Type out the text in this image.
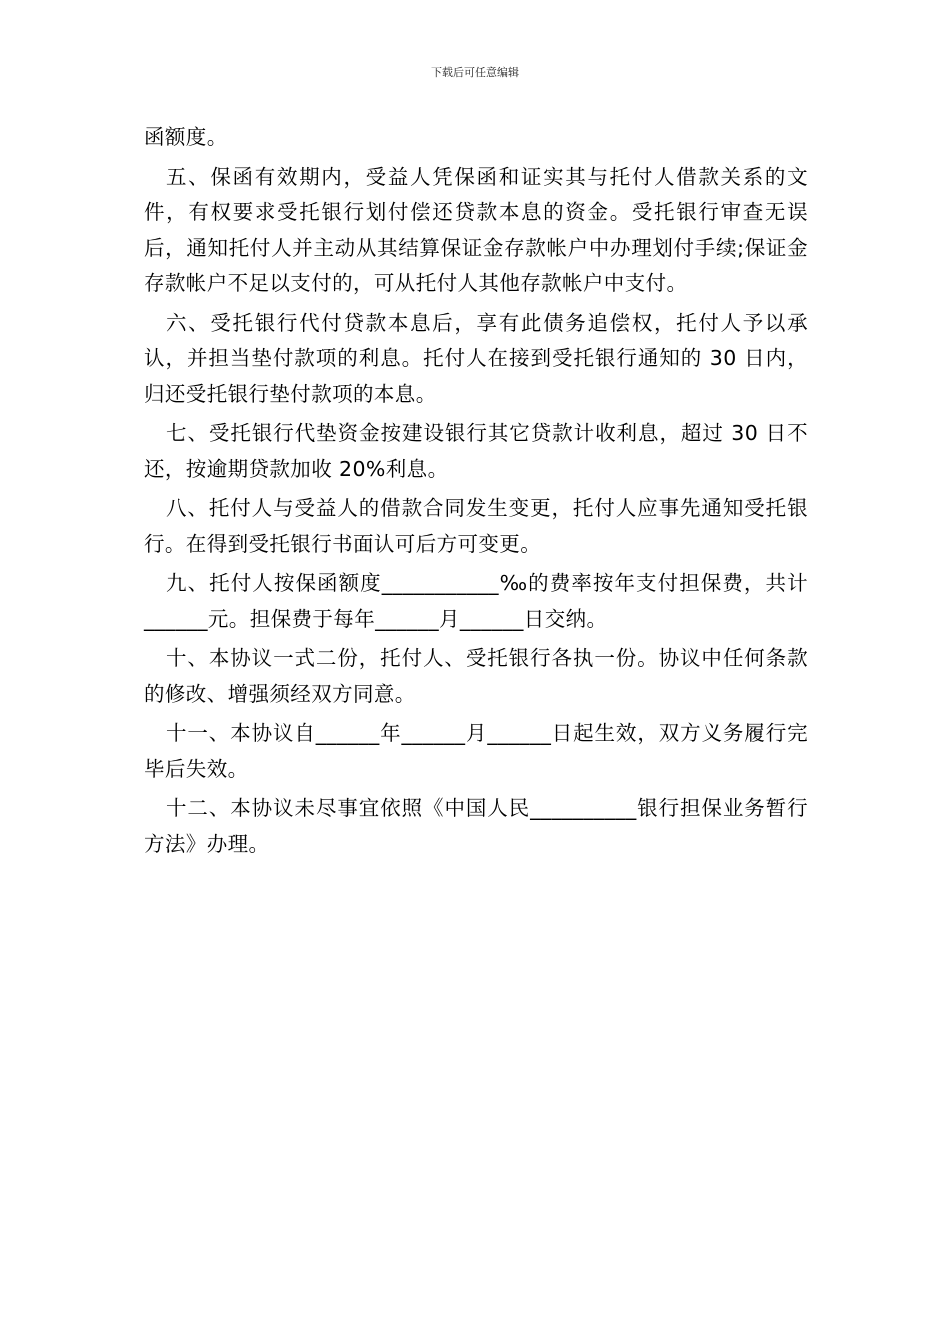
下载后可任意编辑

函额度。

五、保函有效期内，受益人凭保函和证实其与托付人借款关系的文件，有权要求受托银行划付偿还贷款本息的资金。受托银行审查无误后，通知托付人并主动从其结算保证金存款帐户中办理划付手续;保证金存款帐户不足以支付的，可从托付人其他存款帐户中支付。

六、受托银行代付贷款本息后，享有此债务追偿权，托付人予以承认，并担当垫付款项的利息。托付人在接到受托银行通知的 30 日内，归还受托银行垫付款项的本息。

七、受托银行代垫资金按建设银行其它贷款计收利息，超过 30 日不还，按逾期贷款加收 20%利息。

八、托付人与受益人的借款合同发生变更，托付人应事先通知受托银行。在得到受托银行书面认可后方可变更。

九、托付人按保函额度___________‰的费率按年支付担保费，共计______元。担保费于每年______月______日交纳。

十、本协议一式二份，托付人、受托银行各执一份。协议中任何条款的修改、增强须经双方同意。

十一、本协议自______年______月______日起生效，双方义务履行完毕后失效。

十二、本协议未尽事宜依照《中国人民__________银行担保业务暂行方法》办理。
